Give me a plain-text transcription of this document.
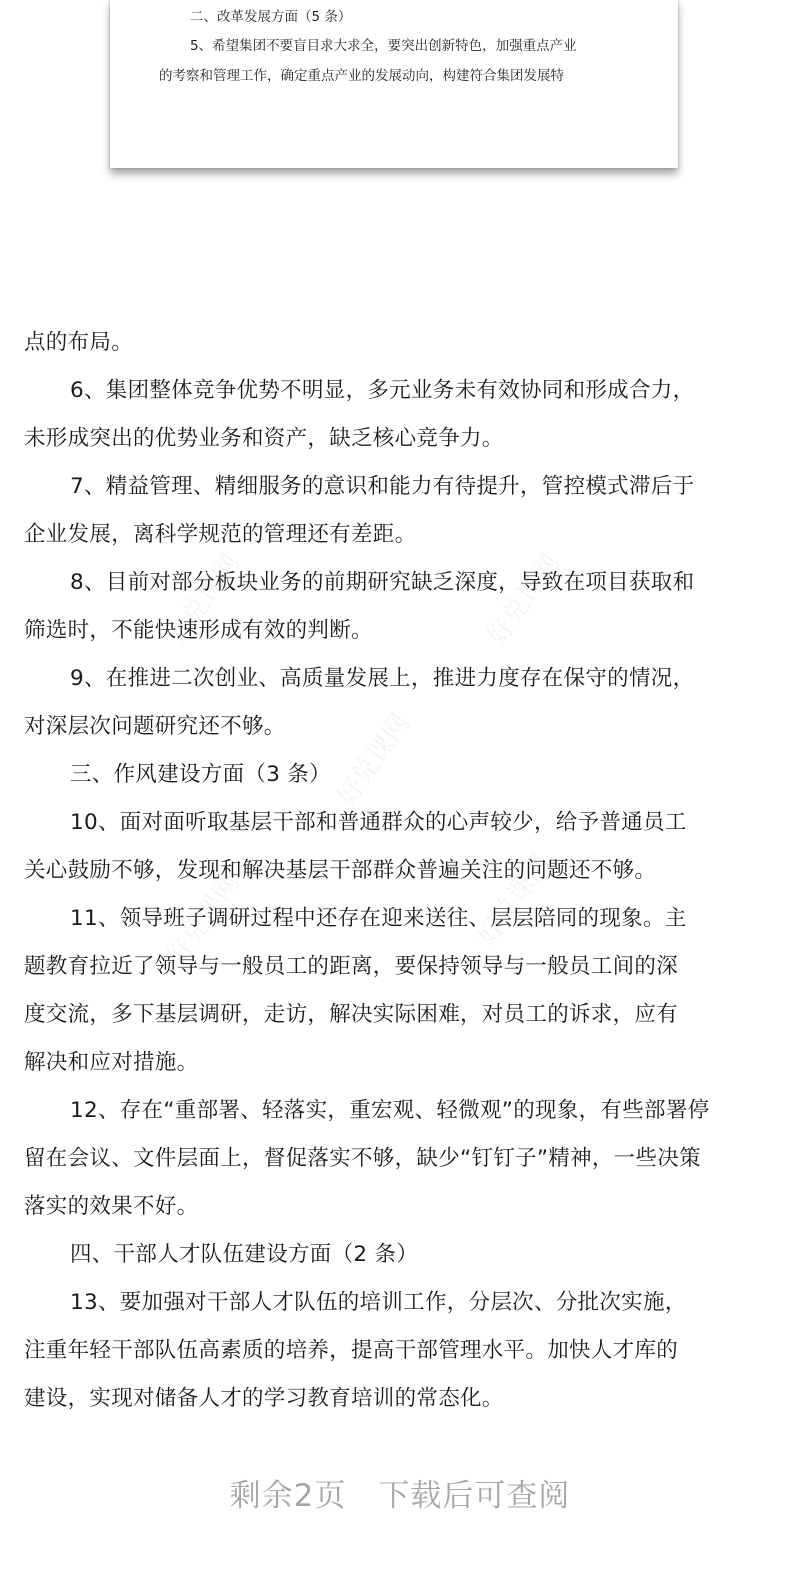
二、改革发展方面（5 条）
5、希望集团不要盲目求大求全，要突出创新特色，加强重点产业
的考察和管理工作，确定重点产业的发展动向，构建符合集团发展特
好兑课网	好兑课网
好兑课网
好兑课网	好兑课网
点的布局。
6、集团整体竞争优势不明显，多元业务未有效协同和形成合力，
未形成突出的优势业务和资产，缺乏核心竞争力。
7、精益管理、精细服务的意识和能力有待提升，管控模式滞后于
企业发展，离科学规范的管理还有差距。
8、目前对部分板块业务的前期研究缺乏深度，导致在项目获取和
筛选时，不能快速形成有效的判断。
9、在推进二次创业、高质量发展上，推进力度存在保守的情况，
对深层次问题研究还不够。
三、作风建设方面（3 条）
10、面对面听取基层干部和普通群众的心声较少，给予普通员工
关心鼓励不够，发现和解决基层干部群众普遍关注的问题还不够。
11、领导班子调研过程中还存在迎来送往、层层陪同的现象。主
题教育拉近了领导与一般员工的距离，要保持领导与一般员工间的深
度交流，多下基层调研，走访，解决实际困难，对员工的诉求，应有
解决和应对措施。
12、存在“重部署、轻落实，重宏观、轻微观”的现象，有些部署停
留在会议、文件层面上，督促落实不够，缺少“钉钉子”精神，一些决策
落实的效果不好。
四、干部人才队伍建设方面（2 条）
13、要加强对干部人才队伍的培训工作，分层次、分批次实施，
注重年轻干部队伍高素质的培养，提高干部管理水平。加快人才库的
建设，实现对储备人才的学习教育培训的常态化。
剩余2页 下载后可查阅
